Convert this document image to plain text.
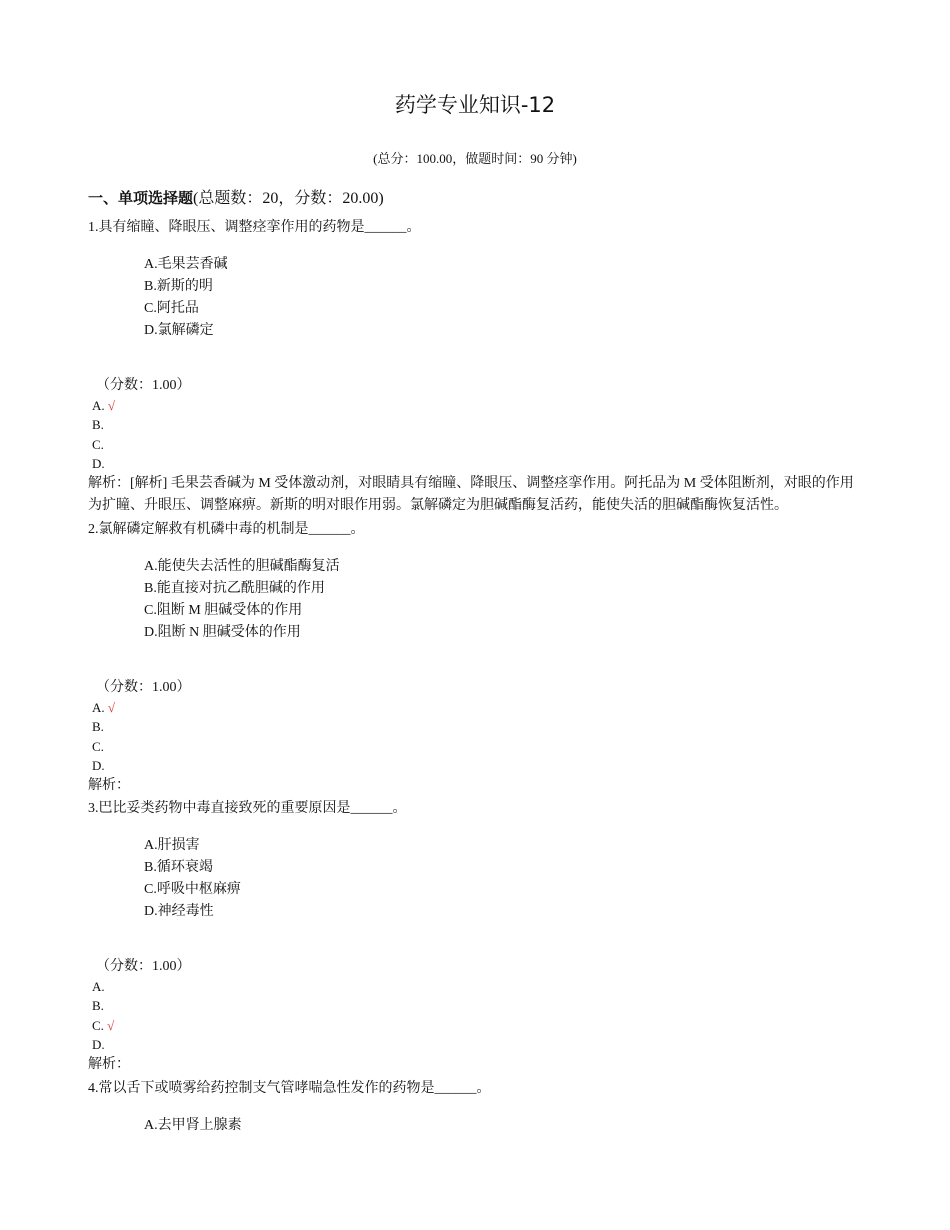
药学专业知识-12
(总分：100.00，做题时间：90 分钟)
一、单项选择题(总题数：20，分数：20.00)
1.具有缩瞳、降眼压、调整痉挛作用的药物是______。
A.毛果芸香碱
B.新斯的明
C.阿托品
D.氯解磷定
（分数：1.00）
A. √
B.
C.
D.
解析：[解析] 毛果芸香碱为 M 受体激动剂，对眼睛具有缩瞳、降眼压、调整痉挛作用。阿托品为 M 受体阻断剂，对眼的作用为扩瞳、升眼压、调整麻痹。新斯的明对眼作用弱。氯解磷定为胆碱酯酶复活药，能使失活的胆碱酯酶恢复活性。
2.氯解磷定解救有机磷中毒的机制是______。
A.能使失去活性的胆碱酯酶复活
B.能直接对抗乙酰胆碱的作用
C.阻断 M 胆碱受体的作用
D.阻断 N 胆碱受体的作用
（分数：1.00）
A. √
B.
C.
D.
解析：
3.巴比妥类药物中毒直接致死的重要原因是______。
A.肝损害
B.循环衰竭
C.呼吸中枢麻痹
D.神经毒性
（分数：1.00）
A.
B.
C. √
D.
解析：
4.常以舌下或喷雾给药控制支气管哮喘急性发作的药物是______。
A.去甲肾上腺素
